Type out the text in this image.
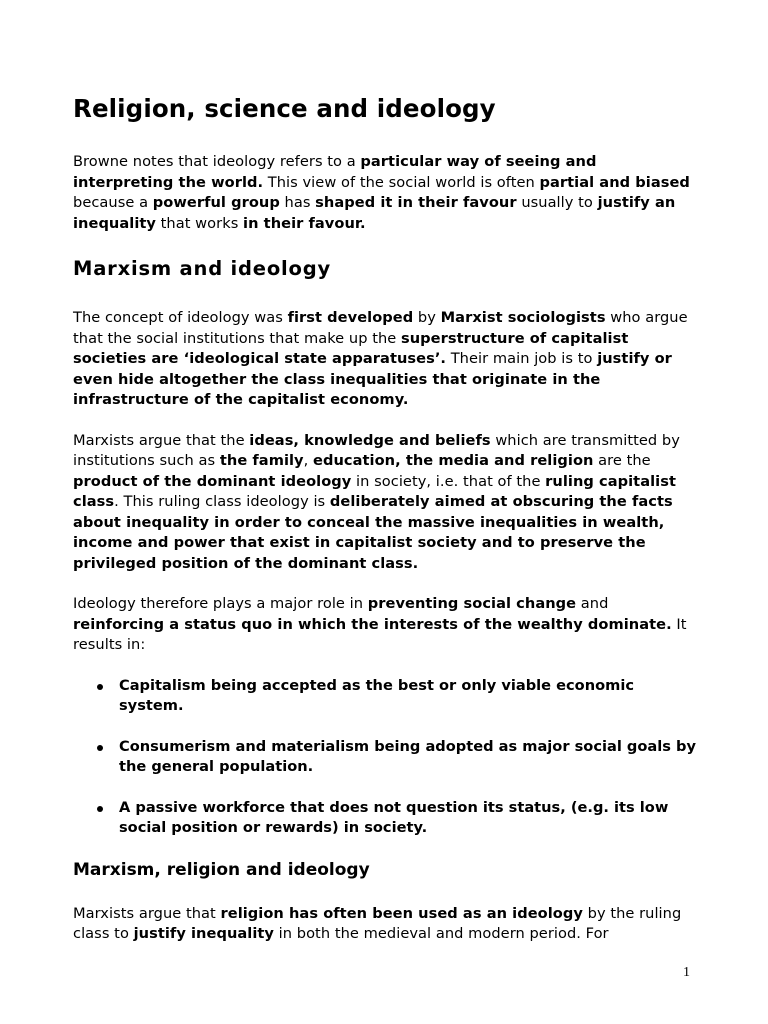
Religion, science and ideology

Browne notes that ideology refers to a particular way of seeing and interpreting the world. This view of the social world is often partial and biased because a powerful group has shaped it in their favour usually to justify an inequality that works in their favour.

Marxism and ideology

The concept of ideology was first developed by Marxist sociologists who argue that the social institutions that make up the superstructure of capitalist societies are ‘ideological state apparatuses’. Their main job is to justify or even hide altogether the class inequalities that originate in the infrastructure of the capitalist economy.

Marxists argue that the ideas, knowledge and beliefs which are transmitted by institutions such as the family, education, the media and religion are the product of the dominant ideology in society, i.e. that of the ruling capitalist class. This ruling class ideology is deliberately aimed at obscuring the facts about inequality in order to conceal the massive inequalities in wealth, income and power that exist in capitalist society and to preserve the privileged position of the dominant class.

Ideology therefore plays a major role in preventing social change and reinforcing a status quo in which the interests of the wealthy dominate. It results in:

Capitalism being accepted as the best or only viable economic system.
Consumerism and materialism being adopted as major social goals by the general population.
A passive workforce that does not question its status, (e.g. its low social position or rewards) in society.
Marxism, religion and ideology

Marxists argue that religion has often been used as an ideology by the ruling class to justify inequality in both the medieval and modern period. For

1
